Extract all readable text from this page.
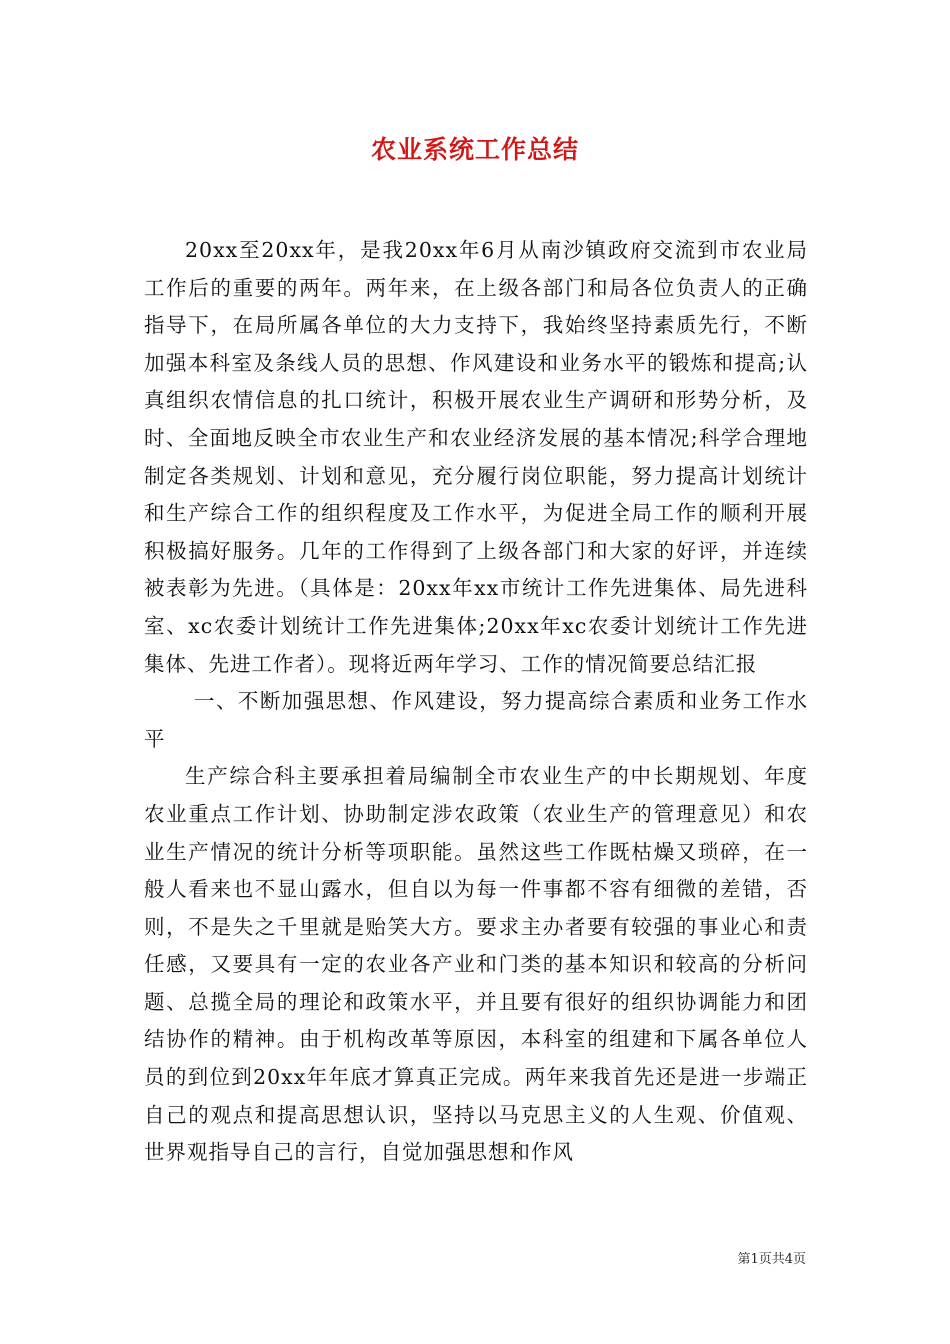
农业系统工作总结

20xx至20xx年，是我20xx年6月从南沙镇政府交流到市农业局工作后的重要的两年。两年来，在上级各部门和局各位负责人的正确指导下，在局所属各单位的大力支持下，我始终坚持素质先行，不断加强本科室及条线人员的思想、作风建设和业务水平的锻炼和提高;认真组织农情信息的扎口统计，积极开展农业生产调研和形势分析，及时、全面地反映全市农业生产和农业经济发展的基本情况;科学合理地制定各类规划、计划和意见，充分履行岗位职能，努力提高计划统计和生产综合工作的组织程度及工作水平，为促进全局工作的顺利开展积极搞好服务。几年的工作得到了上级各部门和大家的好评，并连续被表彰为先进。（具体是：20xx年xx市统计工作先进集体、局先进科室、xc农委计划统计工作先进集体;20xx年xc农委计划统计工作先进集体、先进工作者）。现将近两年学习、工作的情况简要总结汇报

一、不断加强思想、作风建设，努力提高综合素质和业务工作水平

生产综合科主要承担着局编制全市农业生产的中长期规划、年度农业重点工作计划、协助制定涉农政策（农业生产的管理意见）和农业生产情况的统计分析等项职能。虽然这些工作既枯燥又琐碎，在一般人看来也不显山露水，但自以为每一件事都不容有细微的差错，否则，不是失之千里就是贻笑大方。要求主办者要有较强的事业心和责任感，又要具有一定的农业各产业和门类的基本知识和较高的分析问题、总揽全局的理论和政策水平，并且要有很好的组织协调能力和团结协作的精神。由于机构改革等原因，本科室的组建和下属各单位人员的到位到20xx年年底才算真正完成。两年来我首先还是进一步端正自己的观点和提高思想认识，坚持以马克思主义的人生观、价值观、世界观指导自己的言行，自觉加强思想和作风

第1页共4页
